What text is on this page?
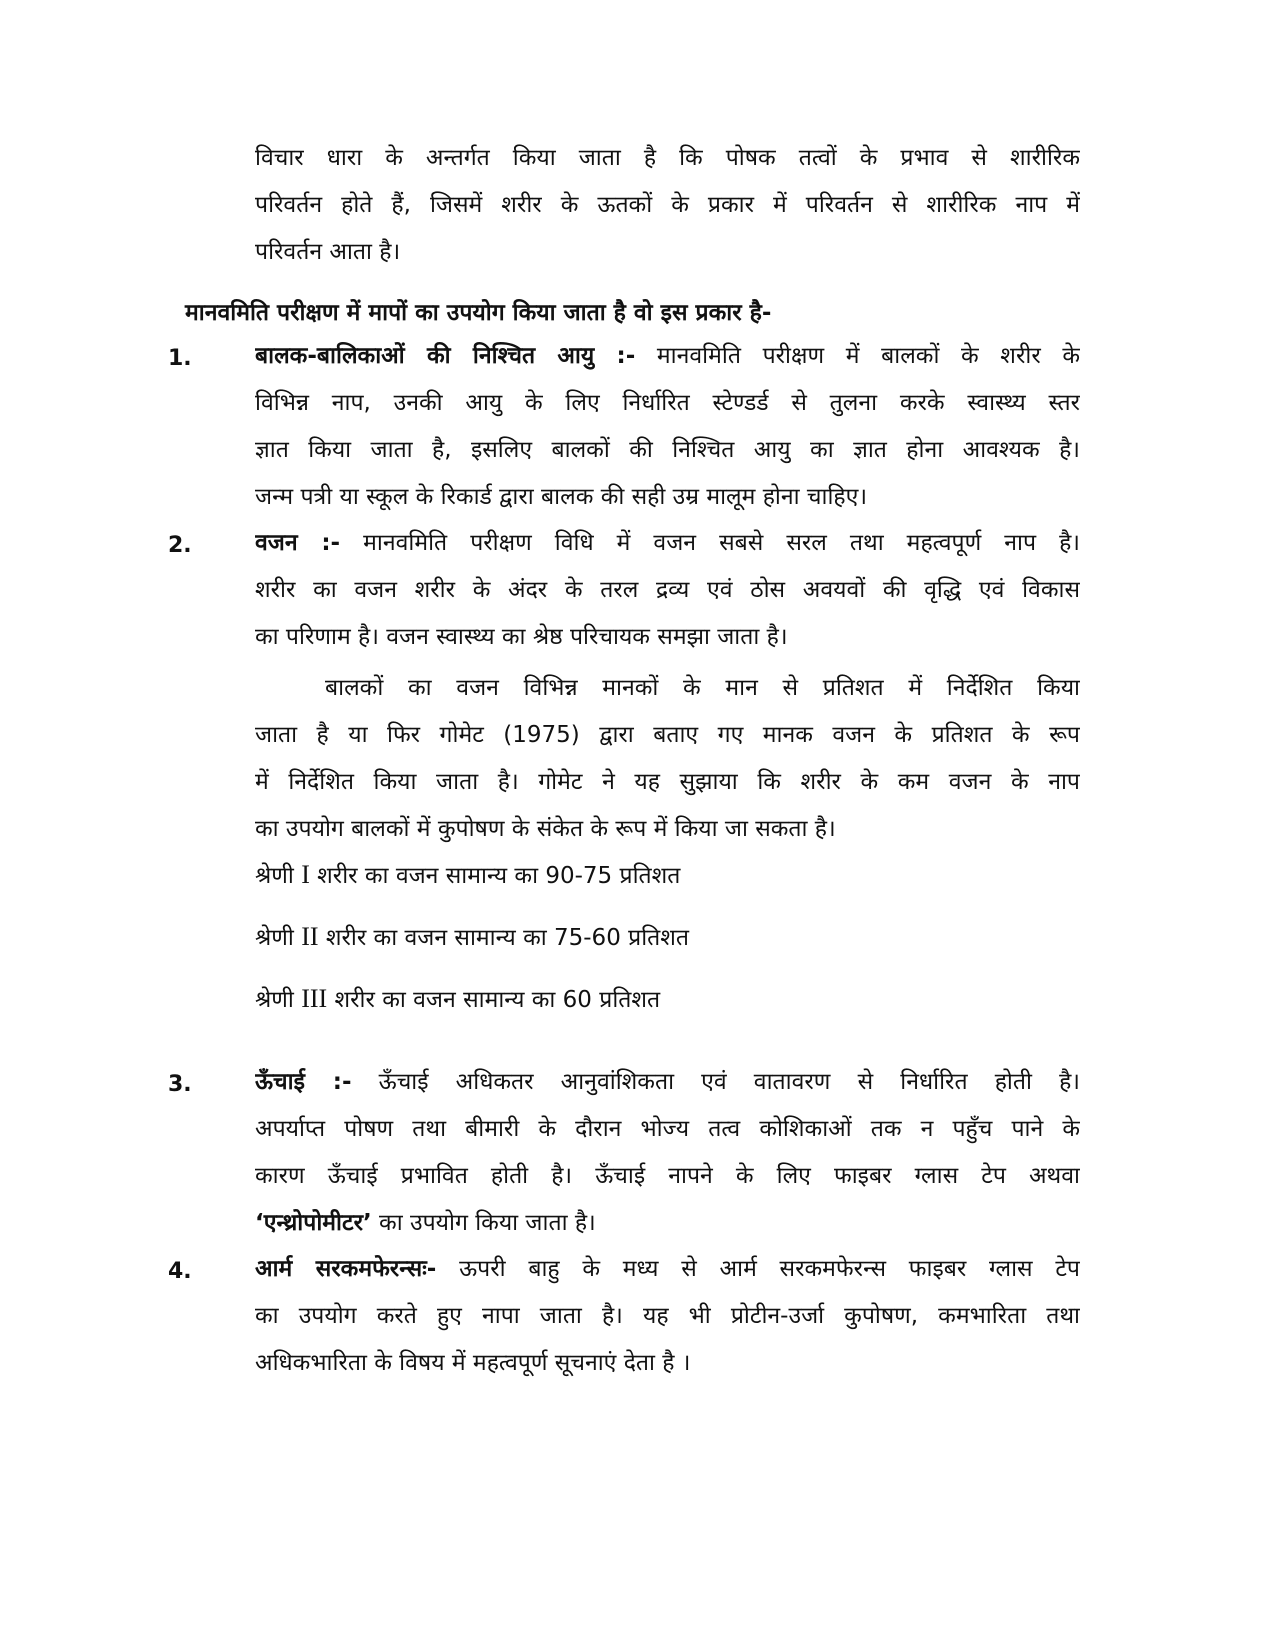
विचार धारा के अन्तर्गत किया जाता है कि पोषक तत्वों के प्रभाव से शारीरिक
परिवर्तन होते हैं, जिसमें शरीर के ऊतकों के प्रकार में परिवर्तन से शारीरिक नाप में
परिवर्तन आता है।
मानवमिति परीक्षण में मापों का उपयोग किया जाता है वो इस प्रकार है-
1.	बालक-बालिकाओं की निश्चित आयु :- मानवमिति परीक्षण में बालकों के शरीर के
विभिन्न नाप, उनकी आयु के लिए निर्धारित स्टेण्डर्ड से तुलना करके स्वास्थ्य स्तर
ज्ञात किया जाता है, इसलिए बालकों की निश्चित आयु का ज्ञात होना आवश्यक है।
जन्म पत्री या स्कूल के रिकार्ड द्वारा बालक की सही उम्र मालूम होना चाहिए।
2.	वजन :- मानवमिति परीक्षण विधि में वजन सबसे सरल तथा महत्वपूर्ण नाप है।
शरीर का वजन शरीर के अंदर के तरल द्रव्य एवं ठोस अवयवों की वृद्धि एवं विकास
का परिणाम है। वजन स्वास्थ्य का श्रेष्ठ परिचायक समझा जाता है।
बालकों का वजन विभिन्न मानकों के मान से प्रतिशत में निर्देशित किया
जाता है या फिर गोमेट (1975) द्वारा बताए गए मानक वजन के प्रतिशत के रूप
में निर्देशित किया जाता है। गोमेट ने यह सुझाया कि शरीर के कम वजन के नाप
का उपयोग बालकों में कुपोषण के संकेत के रूप में किया जा सकता है।
श्रेणी I शरीर का वजन सामान्य का 90-75 प्रतिशत
श्रेणी II शरीर का वजन सामान्य का 75-60 प्रतिशत
श्रेणी III शरीर का वजन सामान्य का 60 प्रतिशत
3.	ऊँचाई :- ऊँचाई अधिकतर आनुवांशिकता एवं वातावरण से निर्धारित होती है।
अपर्याप्त पोषण तथा बीमारी के दौरान भोज्य तत्व कोशिकाओं तक न पहुँच पाने के
कारण ऊँचाई प्रभावित होती है। ऊँचाई नापने के लिए फाइबर ग्लास टेप अथवा
‘एन्थ्रोपोमीटर’ का उपयोग किया जाता है।
4.	आर्म सरकमफेरन्सः- ऊपरी बाहु के मध्य से आर्म सरकमफेरन्स फाइबर ग्लास टेप
का उपयोग करते हुए नापा जाता है। यह भी प्रोटीन-उर्जा कुपोषण, कमभारिता तथा
अधिकभारिता के विषय में महत्वपूर्ण सूचनाएं देता है ।
